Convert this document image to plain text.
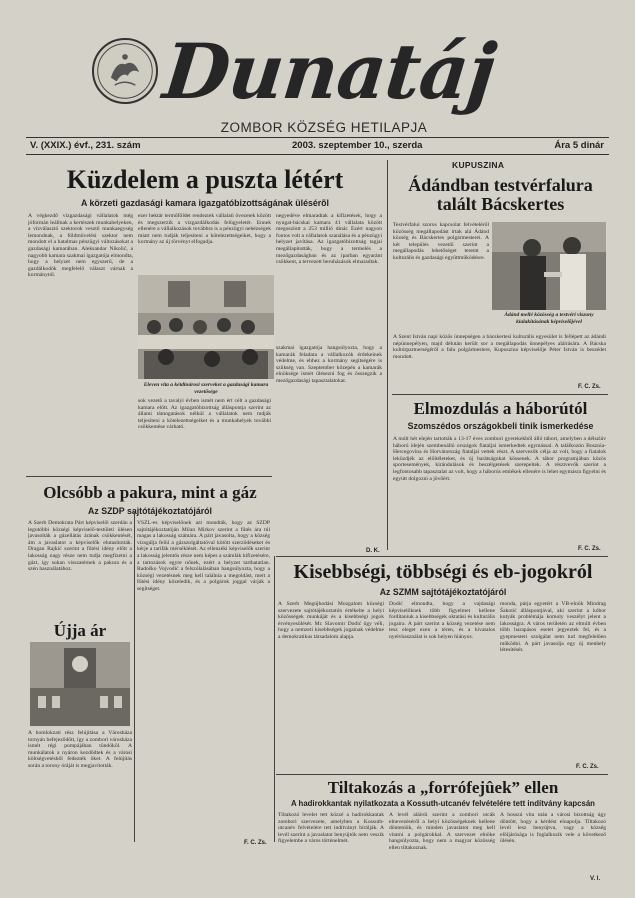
Dunatáj
ZOMBOR KÖZSÉG HETILAPJA
V. (XXIX.) évf., 231. szám	2003. szeptember 10., szerda	Ára 5 dinár
Küzdelem a puszta létért
A körzeti gazdasági kamara igazgatóbizottságának ülésérõl
A végkezdő vízgazdasági vállalatok még jóformán leállnak a kertészek munkahelyeken, a vízválasztó szektorok vesztő munkaegység lemondnak, a földművelési szektor nem mondott el a hatalmas pénzügyi változásokat a gazdasági kamarában. Aleksandar Nikolić, a nagyobb kamara szakmai igazgatója elmondta, hogy a helyzet nem egyszerű, de a gazdálkodók megfelelő választ várnak a kormánytól.
ezer hektár termőföldet rendeztek vállalati övezetek között és megszerzik a vízgazdálkodás felügyeletét. Ennek ellenére a vállalkozások továbbra is a pénzügyi nehézségek miatt nem tudják teljesíteni a kötelezettségeiket, hogy a kormány az új törvényt elfogadja.
negyedéve elmaradtak a kifizetések, hogy a nyugat-bácskai kamara 41 vállalata között megoszlott a 253 millió dinár. Ezért nagyon fontos volt a vállalatok szanálása és a pénzügyi helyzet javítása. Az igazgatóbizottság tagjai megállapították, hogy a termelés a mezőgazdaságban és az iparban egyaránt csökkent, a tervezett beruházások elmaradtak.
Eleven vita a kétdinárosi szerveket a gazdasági kamara vezetõsége
sok vezetõ a tavalyi évben ismét nem ért célt a gazdasági kamara előtt. Az igazgatóbizottság álláspontja szerint az állami támogatások nélkül a vállalatok nem tudják teljesíteni a kötelezettségeiket és a munkahelyek további csökkentése várható.
szakmai igazgatója hangsúlyozta, hogy a kamarák feladata a vállalkozók érdekeinek védelme, és ehhez a kormány segítségére is szükség van. Szeptember közepén a kamarák elnöksége ismét ülésezni fog és összegzik a mezőgazdasági tapasztalatokat.
D. K.
KUPUSZINA
Ádándban testvérfalura talált Bácskertes
Testvérfalui szoros kapcsolat felvételéről közösség megállapodást írtak alá Ádánd község és Bácskertes polgármesterei. A két település vezetői szerint a megállapodás lehetőséget teremt a kulturális és gazdasági együttműködésre.
Ádánd mellé közösség a testvéri viszony kialakításának képviselõjével
A Szent István napi közös ünnepségen a bácskertesi kulturális egyesület is fellépett az ádándi népünnepélyen, majd délután került sor a megállapodás ünnepélyes aláírására. A Bácska kultúrpartnerségéről a falu polgármestere, Kupuszina képviselője Péter István is beszédet mondott.
F. C. Zs.
Elmozdulás a háborútól
Szomszédos országokbeli tinik ismerkedése
A múlt hét elején tartották a 13-17 éves zombori gyerekekből álló tábort, amelyben a délszláv háború idején szembenálló országok fiataljai ismerkedtek egymással. A találkozón Bosznia-Hercegovina és Horvátország fiataljai vettek részt. A szervezők célja az volt, hogy a fiatalok leküzdjék az előítéleteket, és új barátságokat kössenek. A tábor programjában közös sportesemények, kirándulások és beszélgetések szerepeltek. A résztvevők szerint a legfontosabb tapasztalat az volt, hogy a háborús emlékek ellenére is lehet egymásra figyelni és együtt dolgozni a jövőért.
F. C. Zs.
Olcsóbb a pakura, mint a gáz
Az SZDP sajtótájékoztatójáról
A Szerb Demokrata Párt képviselői szerdán a legutóbbi községi képviselő-testületi ülésen javasolták a gázellátás árának csökkentését, ám a javaslatot a képviselők elutasították. Dragan Rajkić szerint a fűtési idény előtt a lakosság nagy része nem tudja megfizetni a gázt, így sokan visszatérnek a pakura és a szén használatához.
VSZL-es képviselőnek azt mondták, hogy az SZDP sajtótájékoztatóján Milan Mirkov szerint a fűtés ára túl magas a lakosság számára. A párt javasolta, hogy a község vizsgálja felül a gázszolgáltatóval kötött szerződéseket és kérje a tarifák mérséklését. Az ellenzéki képviselők szerint a lakosság jelentős része nem képes a számlák kifizetésére, a tartozások egyre nőnek, ezért a helyzet tarthatatlan. Radoško Vojvodić a felszólalásában hangsúlyozta, hogy a községi vezetésnek meg kell találnia a megoldást, mert a fűtési idény közeledik, és a polgárok joggal várják a segítséget.
F. C. Zs.
Újja ár
A homlokzati rész felújítása a Városháza tornyán befejeződött, így a zombori városháza ismét régi pompájában tündököl. A munkálatok a nyáron kezdődtek és a városi költségvetésből fedezték őket. A felújítás során a torony óráját is megjavították.
Kisebbségi, többségi és eb-jogokról
Az SZMM sajtótájékoztatójáról
A Szerb Megújhodási Mozgalom községi szervezete sajtótájékoztatón értékelte a helyi közösségek munkáját és a kisebbségi jogok érvényesülését. Mr. Slavomir Dodić ügy véli, hogy a nemzeti kisebbségek jogainak védelme a demokratikus társadalom alapja.
Dodić elmondta, hogy a vajdasági képviselőknek több figyelmet kellene fordítaniuk a kisebbségek oktatási és kulturális jogaira. A párt szerint a község vezetése nem tesz eleget ezen a téren, és a hivatalos nyelvhasználat is sok helyen hiányos.
monda, párja egyetért a VB-elnök Miodrag Šakotić álláspontjával, aki szerint a kóbor kutyák problémája komoly veszélyt jelent a lakosságra. A város területén az elmúlt évben több harapásos esetet jegyeztek fel, és a gyepmesteri szolgálat nem tud megfelelően működni. A párt javasolja egy új menhely létesítését.
F. C. Zs.
Tiltakozás a „forrófejûek” ellen
A hadirokkantak nyilatkozata a Kossuth-utcanév felvételére tett indítvány kapcsán
Tiltakozó levelet tett közzé a hadirokkantak zombori szervezete, amelyben a Kossuth-utcanév felvételére tett indítványt bírálják. A levél szerint a javaslatot benyújtók nem veszik figyelembe a város történelmét.
A levél aláírói szerint a zombori utcák elnevezéséről a helyi közösségeknek kellene dönteniük, és minden javaslatot meg kell vitatni a polgárokkal. A szervezet elnöke hangsúlyozta, hogy nem a magyar közösség ellen tiltakoznak.
A hosszú vita után a városi bizottság úgy döntött, hogy a kérdést elnapolja. Tiltakozó levél lesz benyújtva, vagy a község elöljárósága is foglalkozik vele a következő ülésén.
V. I.
